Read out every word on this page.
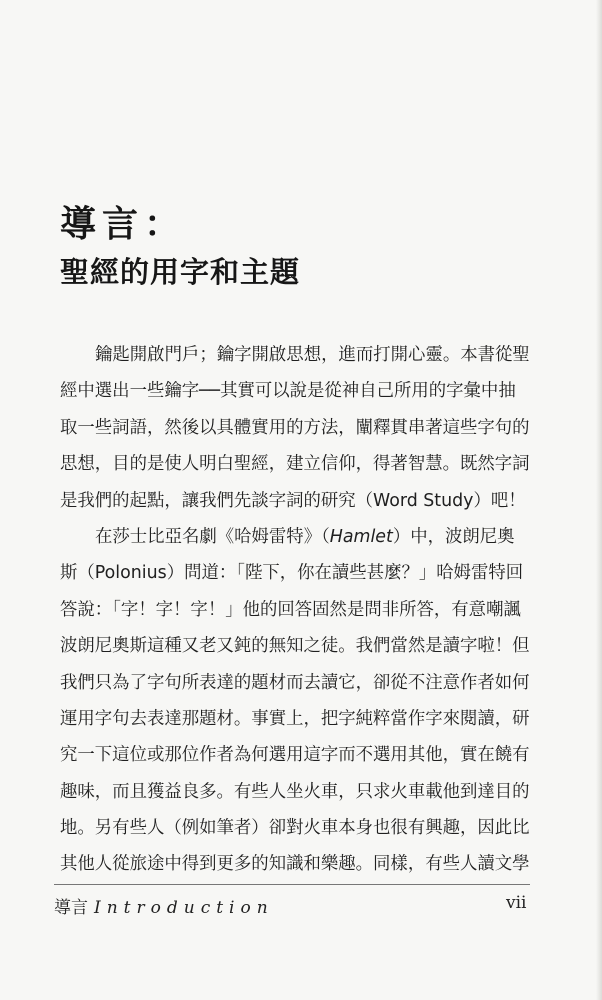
導言：
聖經的用字和主題
鑰匙開啟門戶；鑰字開啟思想，進而打開心靈。本書從聖
經中選出一些鑰字──其實可以說是從神自己所用的字彙中抽
取一些詞語，然後以具體實用的方法，闡釋貫串著這些字句的
思想，目的是使人明白聖經，建立信仰，得著智慧。既然字詞
是我們的起點，讓我們先談字詞的研究（Word Study）吧！
在莎士比亞名劇《哈姆雷特》（Hamlet）中，波朗尼奧
斯（Polonius）問道：「陛下，你在讀些甚麼？」哈姆雷特回
答說：「字！字！字！」他的回答固然是問非所答，有意嘲諷
波朗尼奧斯這種又老又鈍的無知之徒。我們當然是讀字啦！但
我們只為了字句所表達的題材而去讀它，卻從不注意作者如何
運用字句去表達那題材。事實上，把字純粹當作字來閱讀，研
究一下這位或那位作者為何選用這字而不選用其他，實在饒有
趣味，而且獲益良多。有些人坐火車，只求火車載他到達目的
地。另有些人（例如筆者）卻對火車本身也很有興趣，因此比
其他人從旅途中得到更多的知識和樂趣。同樣，有些人讀文學
導言 Introduction	vii
